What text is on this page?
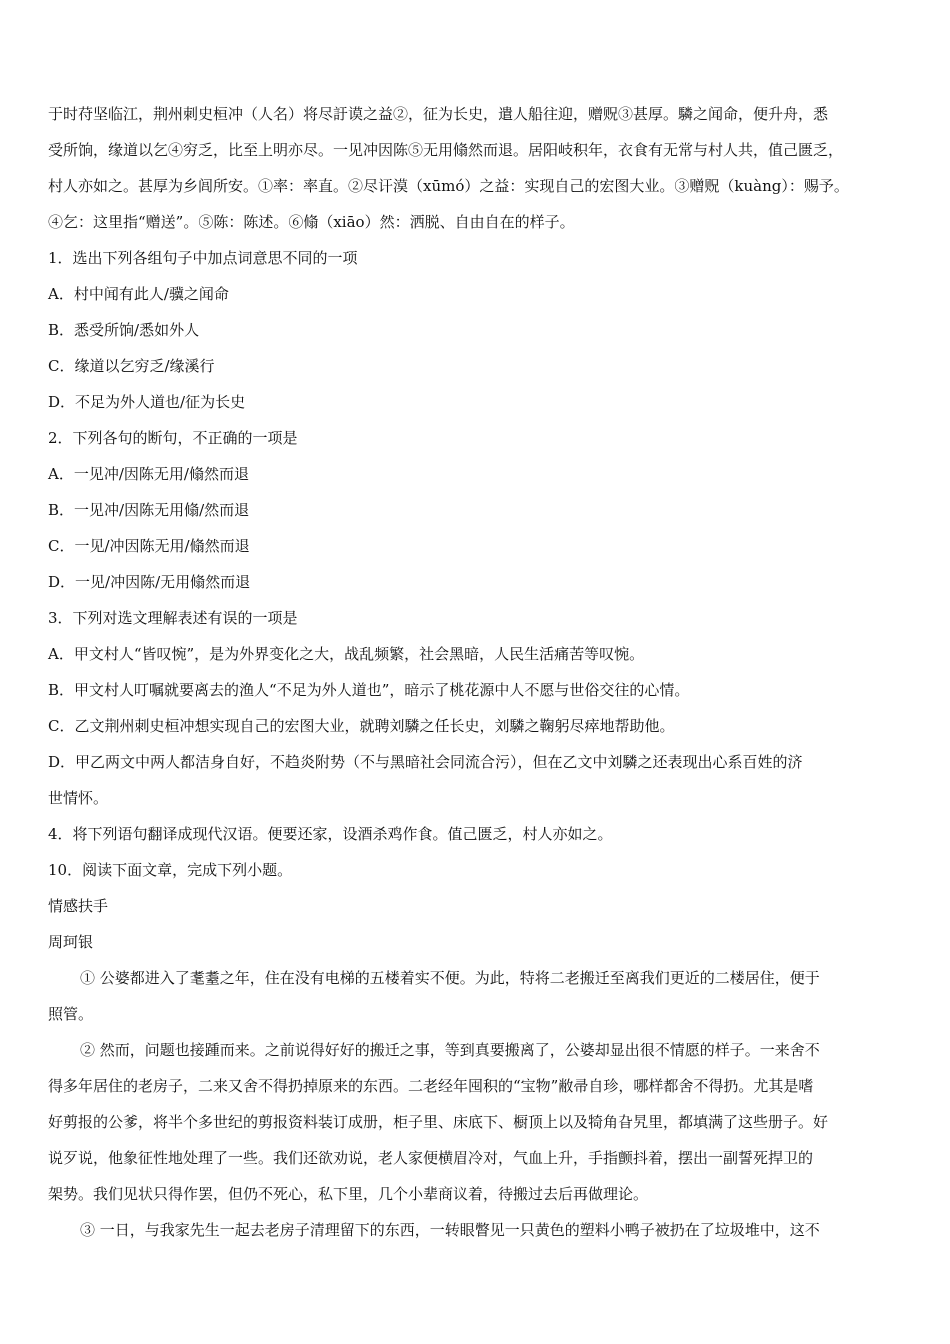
于时苻坚临江，荆州刺史桓冲（人名）将尽訏谟之益②，征为长史，遣人船往迎，赠贶③甚厚。驎之闻命，便升舟，悉

受所饷，缘道以乞④穷乏，比至上明亦尽。一见冲因陈⑤无用翛然而退。居阳岐积年，衣食有无常与村人共，值己匮乏，

村人亦如之。甚厚为乡闾所安。①率：率直。②尽讦漠（xūmó）之益：实现自己的宏图大业。③赠贶（kuàng）：赐予。

④乞：这里指“赠送”。⑤陈：陈述。⑥翛（xiāo）然：洒脱、自由自在的样子。

1．选出下列各组句子中加点词意思不同的一项

A．村中闻有此人/骥之闻命

B．悉受所饷/悉如外人

C．缘道以乞穷乏/缘溪行

D．不足为外人道也/征为长史

2．下列各句的断句，不正确的一项是

A．一见冲/因陈无用/翛然而退

B．一见冲/因陈无用翛/然而退

C．一见/冲因陈无用/翛然而退

D．一见/冲因陈/无用翛然而退

3．下列对选文理解表述有误的一项是

A．甲文村人“皆叹惋”，是为外界变化之大，战乱频繁，社会黑暗，人民生活痛苦等叹惋。

B．甲文村人叮嘱就要离去的渔人“不足为外人道也”，暗示了桃花源中人不愿与世俗交往的心情。

C．乙文荆州刺史桓冲想实现自己的宏图大业，就聘刘驎之任长史，刘驎之鞠躬尽瘁地帮助他。

D．甲乙两文中两人都洁身自好，不趋炎附势（不与黑暗社会同流合污），但在乙文中刘驎之还表现出心系百姓的济

世情怀。

4．将下列语句翻译成现代汉语。便要还家，设酒杀鸡作食。值己匮乏，村人亦如之。

10．阅读下面文章，完成下列小题。

情感扶手

周珂银

① 公婆都进入了耄耋之年，住在没有电梯的五楼着实不便。为此，特将二老搬迁至离我们更近的二楼居住，便于

照管。

② 然而，问题也接踵而来。之前说得好好的搬迁之事，等到真要搬离了，公婆却显出很不情愿的样子。一来舍不

得多年居住的老房子，二来又舍不得扔掉原来的东西。二老经年囤积的“宝物”敝帚自珍，哪样都舍不得扔。尤其是嗜

好剪报的公爹，将半个多世纪的剪报资料装订成册，柜子里、床底下、橱顶上以及犄角旮旯里，都填满了这些册子。好

说歹说，他象征性地处理了一些。我们还欲劝说，老人家便横眉冷对，气血上升，手指颤抖着，摆出一副誓死捍卫的

架势。我们见状只得作罢，但仍不死心，私下里，几个小辈商议着，待搬过去后再做理论。

③ 一日，与我家先生一起去老房子清理留下的东西，一转眼瞥见一只黄色的塑料小鸭子被扔在了垃圾堆中，这不
